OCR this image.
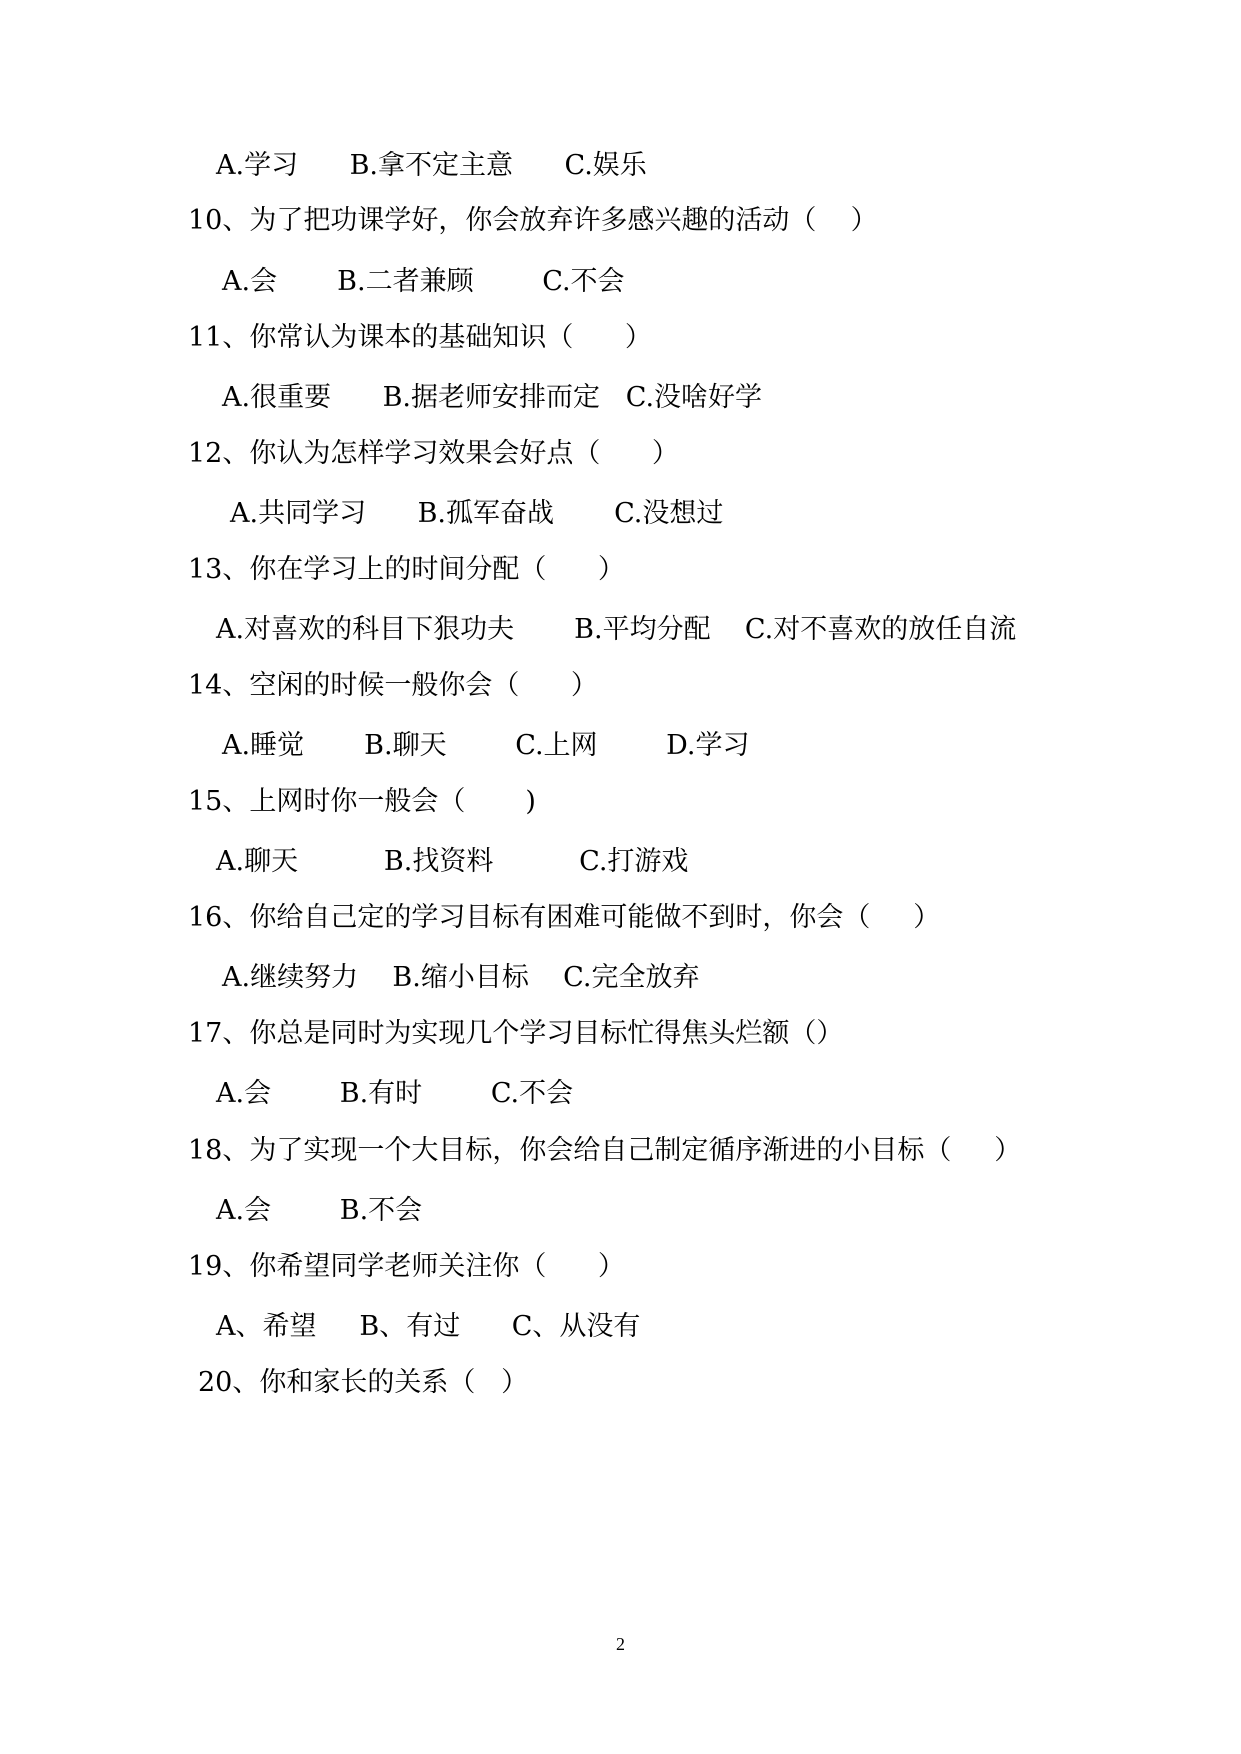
A.学习      B.拿不定主意      C.娱乐
10、为了把功课学好，你会放弃许多感兴趣的活动（    ）
A.会       B.二者兼顾        C.不会
11、你常认为课本的基础知识（      ）
A.很重要      B.据老师安排而定   C.没啥好学
12、你认为怎样学习效果会好点（      ）
A.共同学习      B.孤军奋战       C.没想过
13、你在学习上的时间分配（      ）
A.对喜欢的科目下狠功夫       B.平均分配    C.对不喜欢的放任自流
14、空闲的时候一般你会（      ）
A.睡觉       B.聊天        C.上网        D.学习
15、上网时你一般会（       )
A.聊天          B.找资料          C.打游戏
16、你给自己定的学习目标有困难可能做不到时，你会（     ）
A.继续努力    B.缩小目标    C.完全放弃
17、你总是同时为实现几个学习目标忙得焦头烂额（）
A.会        B.有时        C.不会
18、为了实现一个大目标，你会给自己制定循序渐进的小目标（     ）
A.会        B.不会
19、你希望同学老师关注你（      ）
A、希望     B、有过      C、从没有
20、你和家长的关系（   ）
2
